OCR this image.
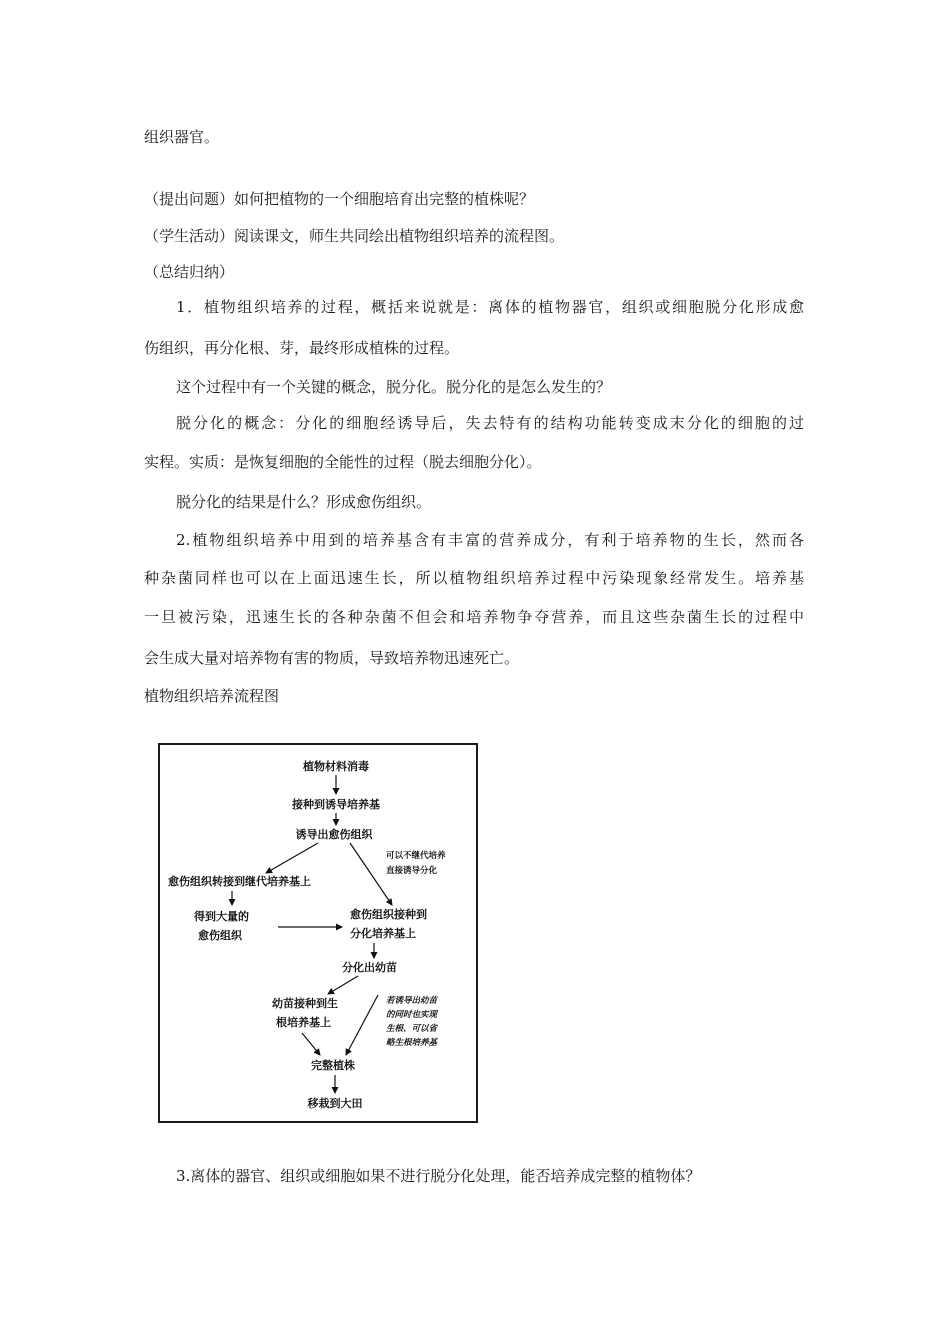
组织器官。
（提出问题）如何把植物的一个细胞培育出完整的植株呢？
（学生活动）阅读课文，师生共同绘出植物组织培养的流程图。
（总结归纳）
1．植物组织培养的过程，概括来说就是：离体的植物器官，组织或细胞脱分化形成愈
伤组织，再分化根、芽，最终形成植株的过程。
这个过程中有一个关键的概念，脱分化。脱分化的是怎么发生的？
脱分化的概念：分化的细胞经诱导后，失去特有的结构功能转变成末分化的细胞的过
实程。实质：是恢复细胞的全能性的过程（脱去细胞分化）。
脱分化的结果是什么？形成愈伤组织。
2.植物组织培养中用到的培养基含有丰富的营养成分，有利于培养物的生长，然而各
种杂菌同样也可以在上面迅速生长，所以植物组织培养过程中污染现象经常发生。培养基
一旦被污染，迅速生长的各种杂菌不但会和培养物争夺营养，而且这些杂菌生长的过程中
会生成大量对培养物有害的物质，导致培养物迅速死亡。
植物组织培养流程图
植物材料消毒
接种到诱导培养基
诱导出愈伤组织
愈伤组织转接到继代培养基上
得到大量的
愈伤组织
愈伤组织接种到
分化培养基上
分化出幼苗
幼苗接种到生
根培养基上
完整植株
移栽到大田
可以不继代培养
直接诱导分化
若诱导出幼苗
的同时也实现
生根、可以省
略生根培养基
3.离体的器官、组织或细胞如果不进行脱分化处理，能否培养成完整的植物体？
